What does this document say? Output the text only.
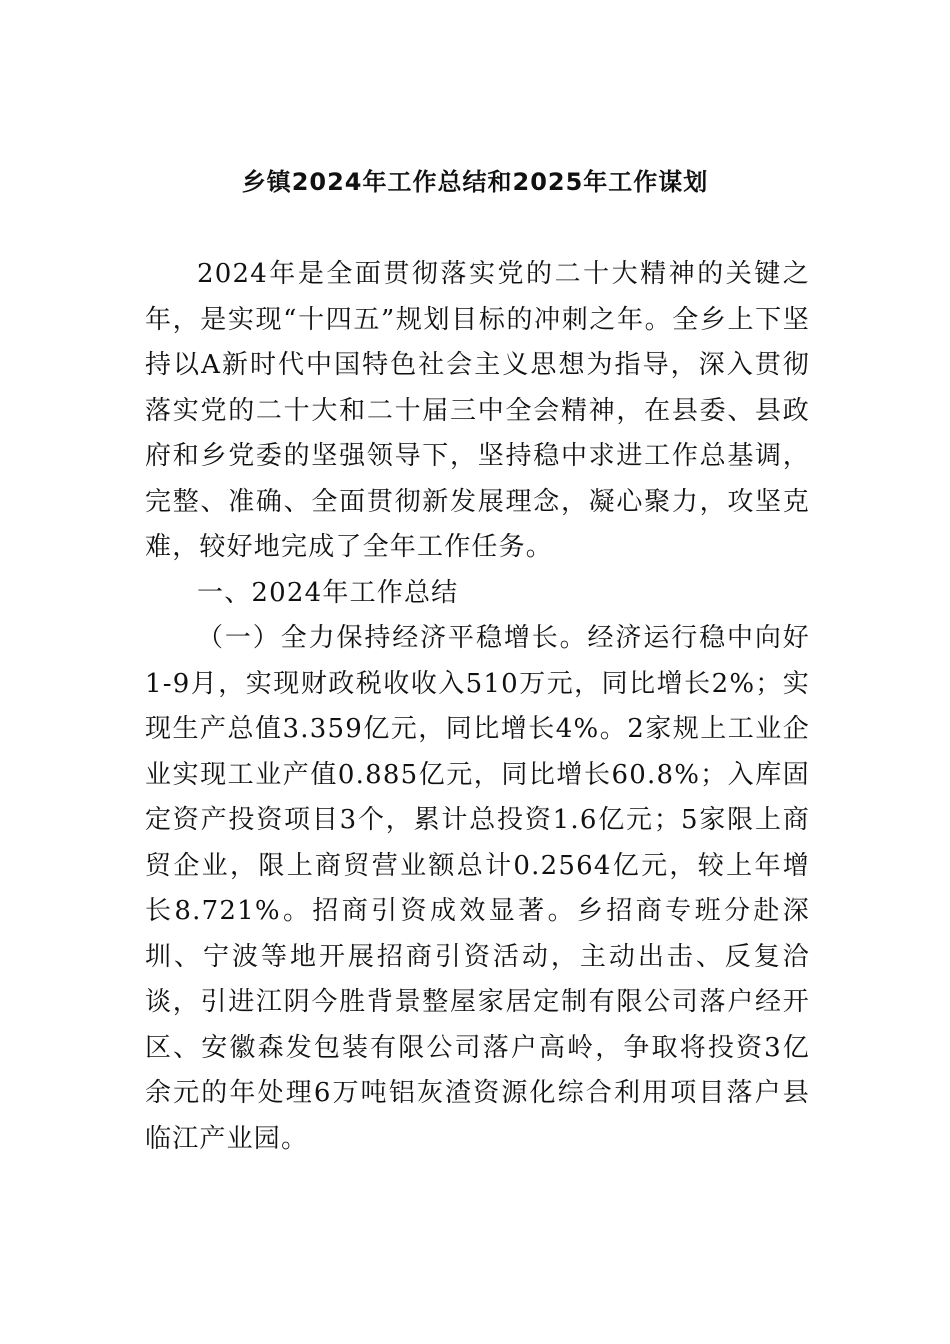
乡镇2024年工作总结和2025年工作谋划

2024年是全面贯彻落实党的二十大精神的关键之年，是实现“十四五”规划目标的冲刺之年。全乡上下坚持以A新时代中国特色社会主义思想为指导，深入贯彻落实党的二十大和二十届三中全会精神，在县委、县政府和乡党委的坚强领导下，坚持稳中求进工作总基调，完整、准确、全面贯彻新发展理念，凝心聚力，攻坚克难，较好地完成了全年工作任务。

一、2024年工作总结

（一）全力保持经济平稳增长。经济运行稳中向好1-9月，实现财政税收收入510万元，同比增长2%；实现生产总值3.359亿元，同比增长4%。2家规上工业企业实现工业产值0.885亿元，同比增长60.8%；入库固定资产投资项目3个，累计总投资1.6亿元；5家限上商贸企业，限上商贸营业额总计0.2564亿元，较上年增长8.721%。招商引资成效显著。乡招商专班分赴深圳、宁波等地开展招商引资活动，主动出击、反复洽谈，引进江阴今胜背景整屋家居定制有限公司落户经开区、安徽森发包装有限公司落户高岭，争取将投资3亿余元的年处理6万吨铝灰渣资源化综合利用项目落户县临江产业园。
